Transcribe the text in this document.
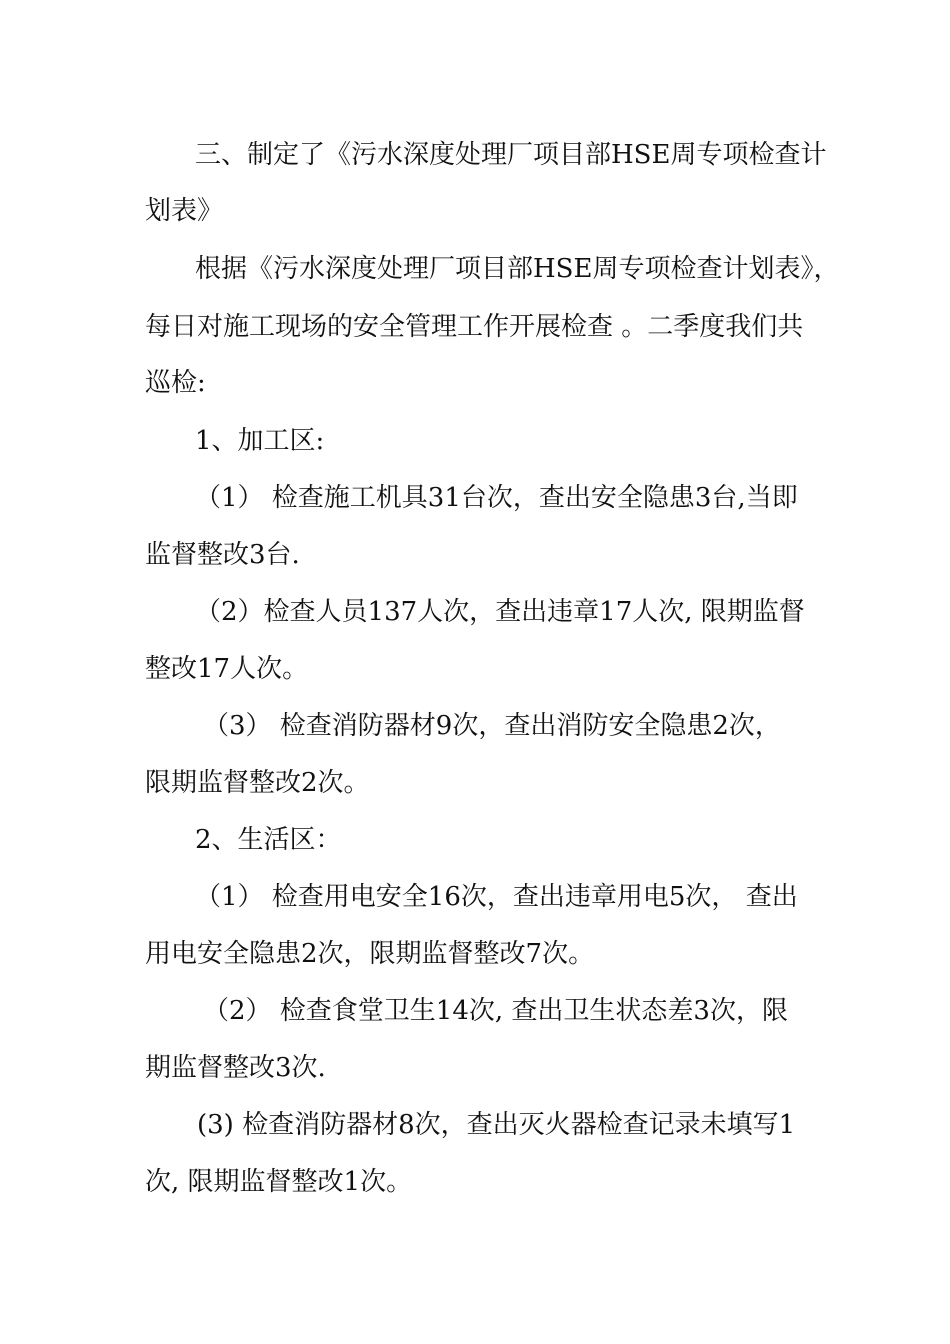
三、制定了《污水深度处理厂项目部HSE周专项检查计
划表》
根据《污水深度处理厂项目部HSE周专项检查计划表》，
每日对施工现场的安全管理工作开展检查 。二季度我们共
巡检:
1、加工区:
（1） 检查施工机具31台次，查出安全隐患3台,当即
监督整改3台.
（2）检查人员137人次，查出违章17人次, 限期监督
整改17人次。
（3） 检查消防器材9次，查出消防安全隐患2次，
限期监督整改2次。
2、生活区：
（1） 检查用电安全16次，查出违章用电5次， 查出
用电安全隐患2次，限期监督整改7次。
（2） 检查食堂卫生14次, 查出卫生状态差3次，限
期监督整改3次.
(3) 检查消防器材8次，查出灭火器检查记录未填写1
次, 限期监督整改1次。
